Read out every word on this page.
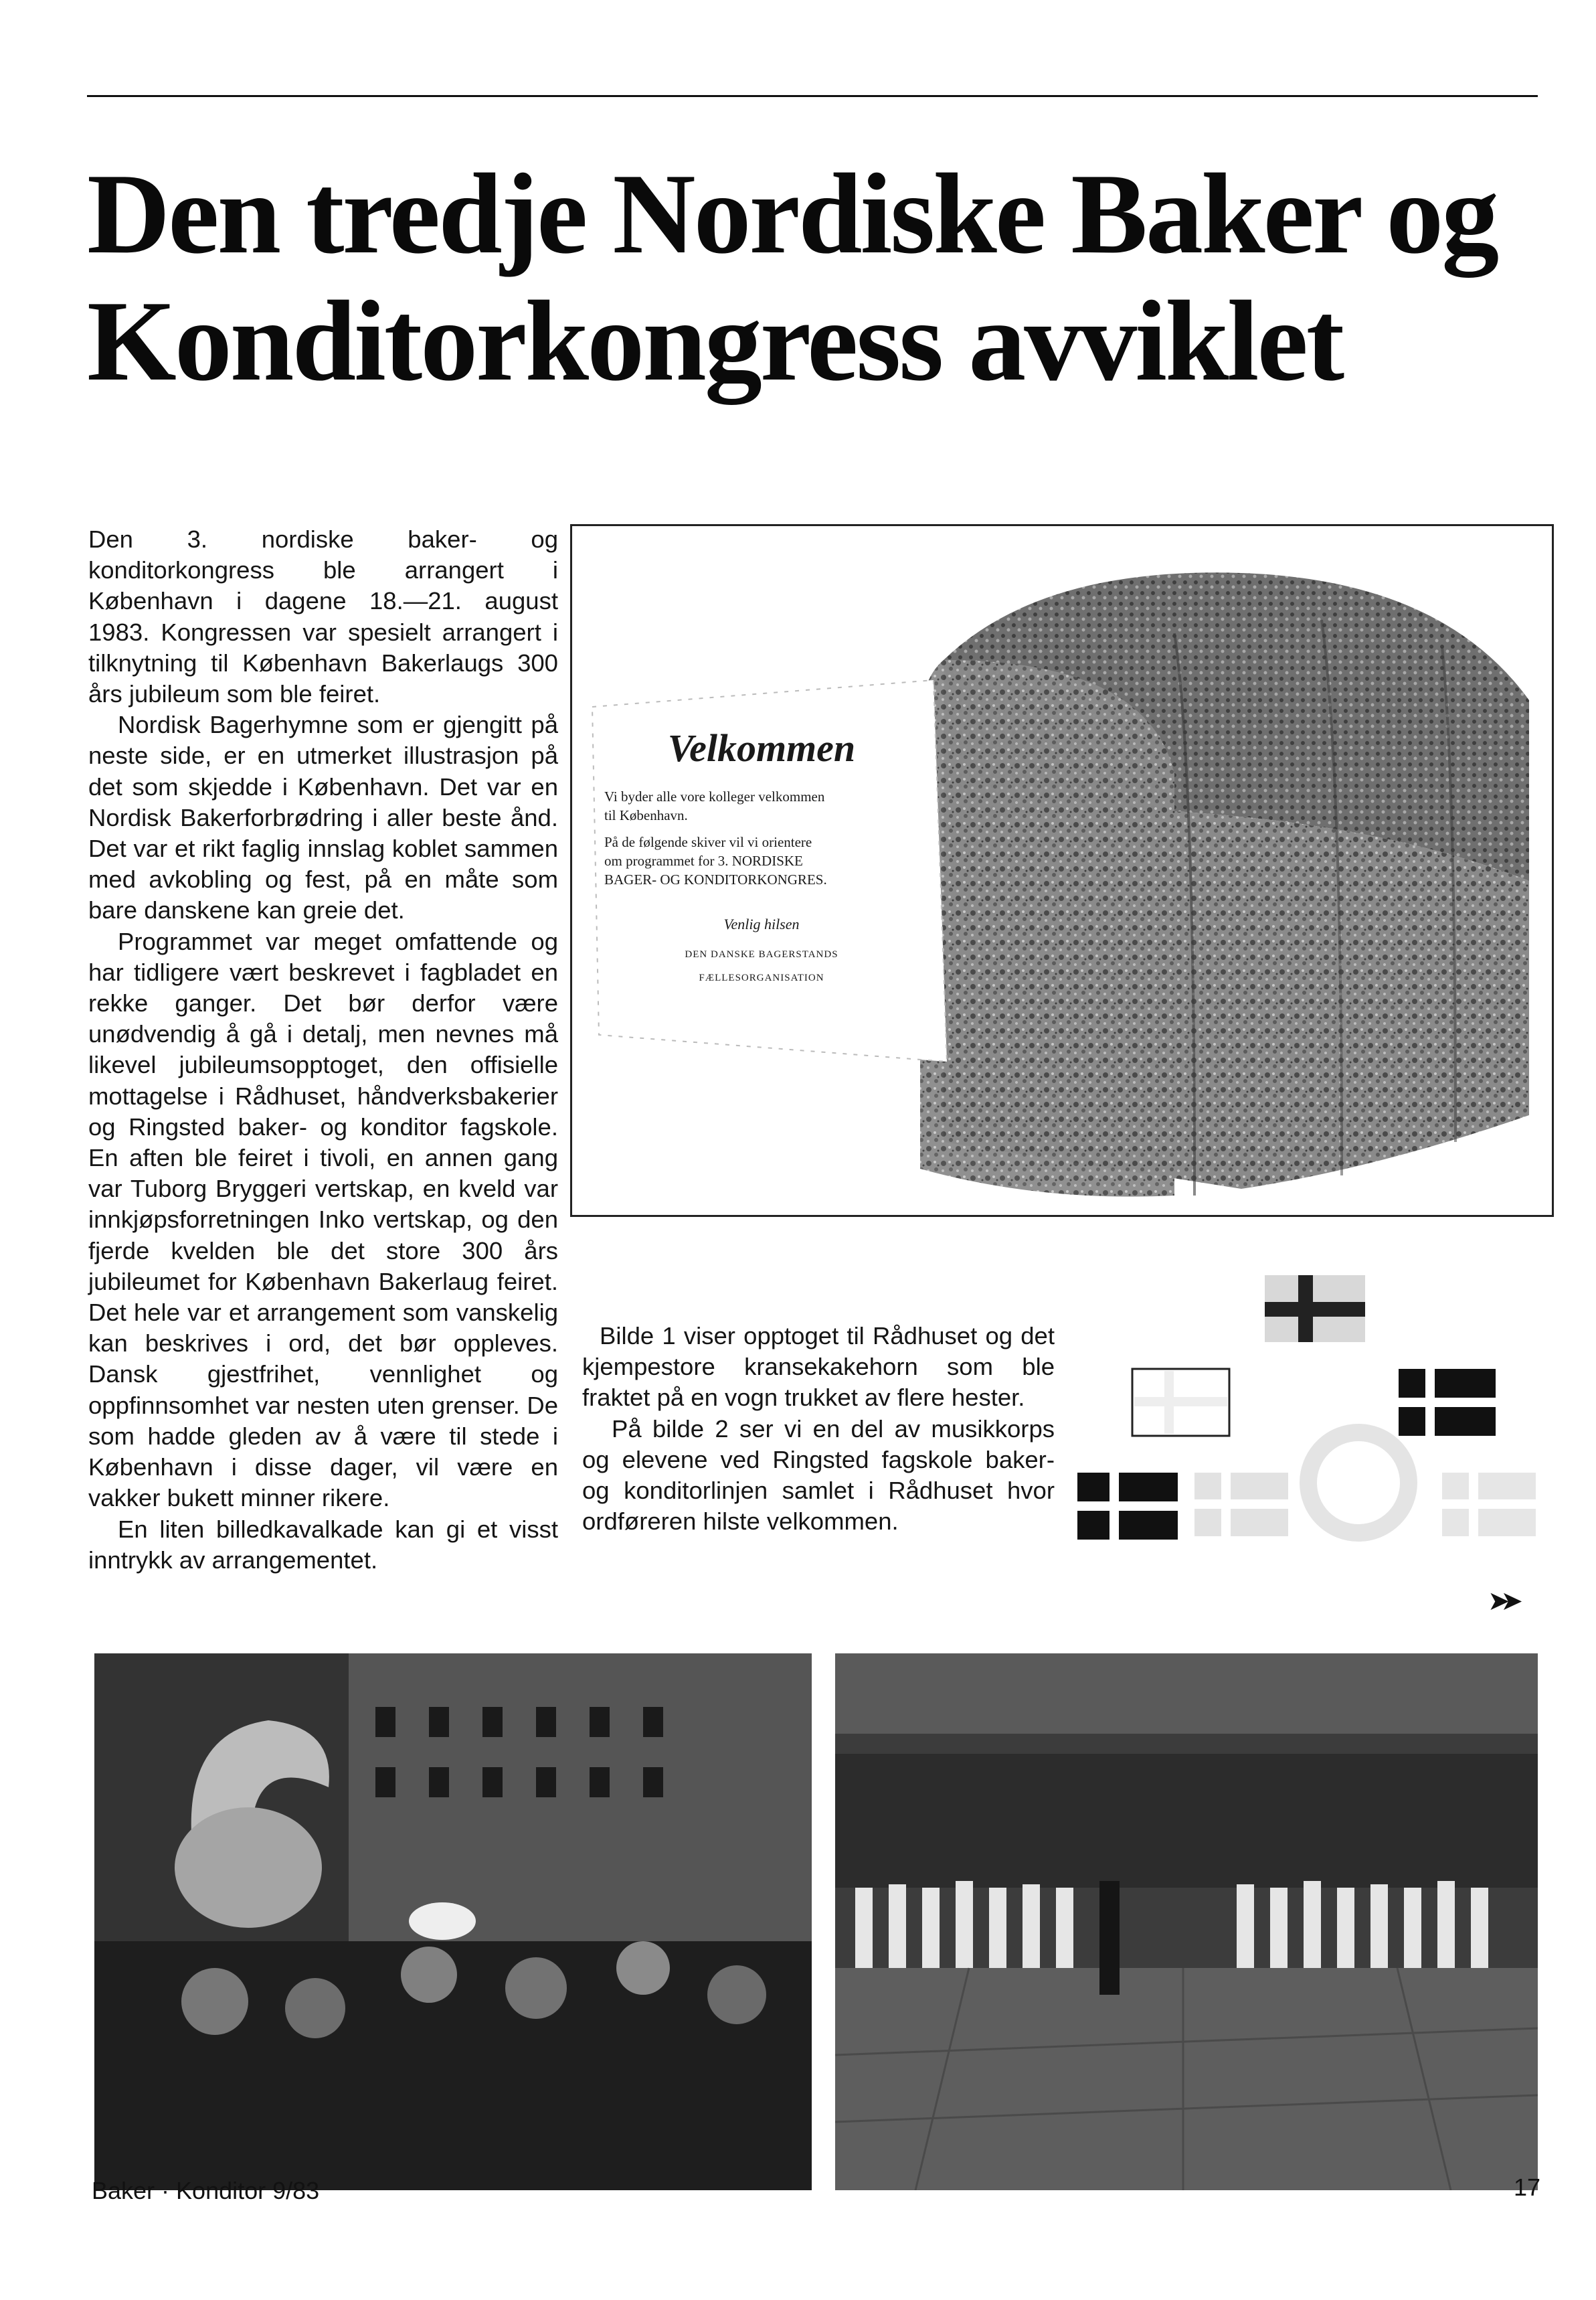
Den tredje Nordiske Baker og
Konditorkongress avviklet

Den 3. nordiske baker- og konditorkongress ble arrangert i København i dagene 18.—21. august 1983. Kongressen var spesielt arrangert i tilknytning til København Bakerlaugs 300 års jubileum som ble feiret.

Nordisk Bagerhymne som er gjengitt på neste side, er en utmerket illustrasjon på det som skjedde i København. Det var en Nordisk Bakerforbrødring i aller beste ånd. Det var et rikt faglig innslag koblet sammen med avkobling og fest, på en måte som bare danskene kan greie det.

Programmet var meget omfattende og har tidligere vært beskrevet i fagbladet en rekke ganger. Det bør derfor være unødvendig å gå i detalj, men nevnes må likevel jubileumsopptoget, den offisielle mottagelse i Rådhuset, håndverksbakerier og Ringsted baker- og konditor fagskole. En aften ble feiret i tivoli, en annen gang var Tuborg Bryggeri vertskap, en kveld var innkjøpsforretningen Inko vertskap, og den fjerde kvelden ble det store 300 års jubileumet for København Bakerlaug feiret. Det hele var et arrangement som vanskelig kan beskrives i ord, det bør oppleves. Dansk gjestfrihet, vennlighet og oppfinnsomhet var nesten uten grenser. De som hadde gleden av å være til stede i København i disse dager, vil være en vakker bukett minner rikere.

En liten billedkavalkade kan gi et visst inntrykk av arrangementet.

Velkommen

Vi byder alle vore kolleger velkommen

til København.

På de følgende skiver vil vi orientere

om programmet for 3. NORDISKE

BAGER- OG KONDITORKONGRES.

Venlig hilsen

DEN DANSKE BAGERSTANDS

FÆLLESORGANISATION

Bilde 1 viser opptoget til Rådhuset og det kjempestore kransekakehorn som ble fraktet på en vogn trukket av flere hester.

På bilde 2 ser vi en del av musikkorps og elevene ved Ringsted fagskole baker- og konditorlinjen samlet i Rådhuset hvor ordføreren hilste velkommen.

➤➤
Baker · Konditor 9/83	17
